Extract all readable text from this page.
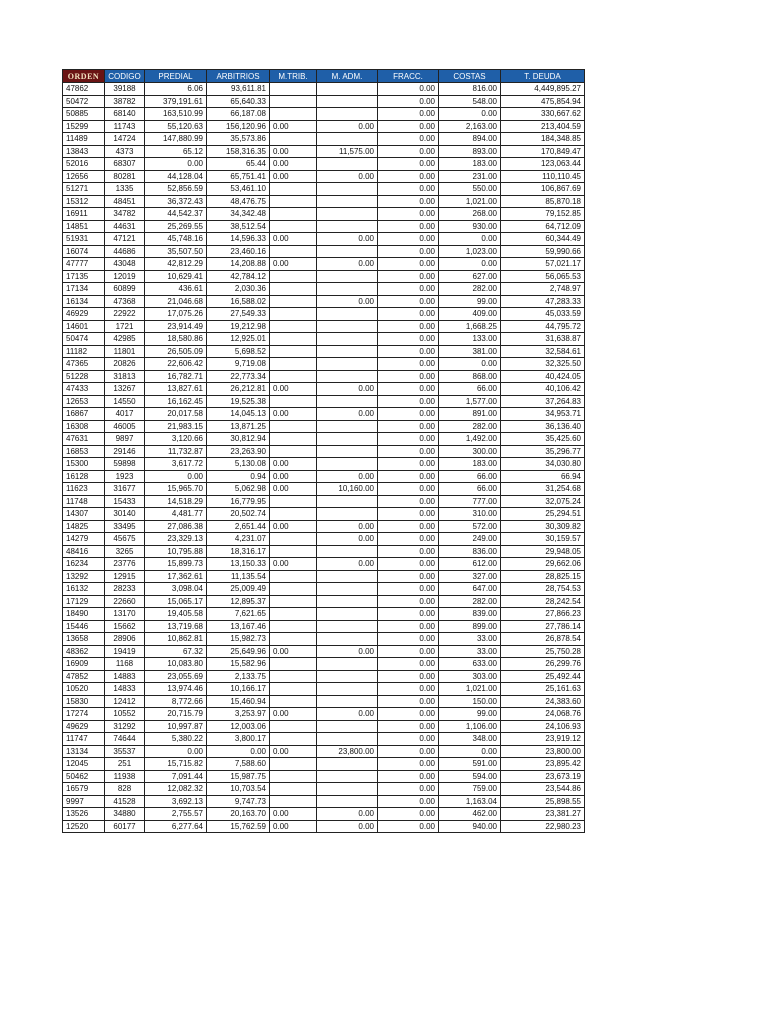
ORDEN	CODIGO	PREDIAL	ARBITRIOS	M.TRIB.	M. ADM.	FRACC.	COSTAS	T. DEUDA
47862	39188	6.06	93,611.81			0.00	816.00	4,449,895.27
50472	38782	379,191.61	65,640.33			0.00	548.00	475,854.94
50885	68140	163,510.99	66,187.08			0.00	0.00	330,667.62
15299	11743	55,120.63	156,120.96	0.00	0.00	0.00	2,163.00	213,404.59
11489	14724	147,880.99	35,573.86			0.00	894.00	184,348.85
13843	4373	65.12	158,316.35	0.00	11,575.00	0.00	893.00	170,849.47
52016	68307	0.00	65.44	0.00		0.00	183.00	123,063.44
12656	80281	44,128.04	65,751.41	0.00	0.00	0.00	231.00	110,110.45
51271	1335	52,856.59	53,461.10			0.00	550.00	106,867.69
15312	48451	36,372.43	48,476.75			0.00	1,021.00	85,870.18
16911	34782	44,542.37	34,342.48			0.00	268.00	79,152.85
14851	44631	25,269.55	38,512.54			0.00	930.00	64,712.09
51931	47121	45,748.16	14,596.33	0.00	0.00	0.00	0.00	60,344.49
16074	44686	35,507.50	23,460.16			0.00	1,023.00	59,990.66
47777	43048	42,812.29	14,208.88	0.00	0.00	0.00	0.00	57,021.17
17135	12019	10,629.41	42,784.12			0.00	627.00	56,065.53
17134	60899	436.61	2,030.36			0.00	282.00	2,748.97
16134	47368	21,046.68	16,588.02		0.00	0.00	99.00	47,283.33
46929	22922	17,075.26	27,549.33			0.00	409.00	45,033.59
14601	1721	23,914.49	19,212.98			0.00	1,668.25	44,795.72
50474	42985	18,580.86	12,925.01			0.00	133.00	31,638.87
11182	11801	26,505.09	5,698.52			0.00	381.00	32,584.61
47365	20826	22,606.42	9,719.08			0.00	0.00	32,325.50
51228	31813	16,782.71	22,773.34			0.00	868.00	40,424.05
47433	13267	13,827.61	26,212.81	0.00	0.00	0.00	66.00	40,106.42
12653	14550	16,162.45	19,525.38			0.00	1,577.00	37,264.83
16867	4017	20,017.58	14,045.13	0.00	0.00	0.00	891.00	34,953.71
16308	46005	21,983.15	13,871.25			0.00	282.00	36,136.40
47631	9897	3,120.66	30,812.94			0.00	1,492.00	35,425.60
16853	29146	11,732.87	23,263.90			0.00	300.00	35,296.77
15300	59898	3,617.72	5,130.08	0.00		0.00	183.00	34,030.80
16128	1923	0.00	0.94	0.00	0.00	0.00	66.00	66.94
11623	31677	15,965.70	5,062.98	0.00	10,160.00	0.00	66.00	31,254.68
11748	15433	14,518.29	16,779.95			0.00	777.00	32,075.24
14307	30140	4,481.77	20,502.74			0.00	310.00	25,294.51
14825	33495	27,086.38	2,651.44	0.00	0.00	0.00	572.00	30,309.82
14279	45675	23,329.13	4,231.07		0.00	0.00	249.00	30,159.57
48416	3265	10,795.88	18,316.17			0.00	836.00	29,948.05
16234	23776	15,899.73	13,150.33	0.00	0.00	0.00	612.00	29,662.06
13292	12915	17,362.61	11,135.54			0.00	327.00	28,825.15
16132	28233	3,098.04	25,009.49			0.00	647.00	28,754.53
17129	22660	15,065.17	12,895.37			0.00	282.00	28,242.54
18490	13170	19,405.58	7,621.65			0.00	839.00	27,866.23
15446	15662	13,719.68	13,167.46			0.00	899.00	27,786.14
13658	28906	10,862.81	15,982.73			0.00	33.00	26,878.54
48362	19419	67.32	25,649.96	0.00	0.00	0.00	33.00	25,750.28
16909	1168	10,083.80	15,582.96			0.00	633.00	26,299.76
47852	14883	23,055.69	2,133.75			0.00	303.00	25,492.44
10520	14833	13,974.46	10,166.17			0.00	1,021.00	25,161.63
15830	12412	8,772.66	15,460.94			0.00	150.00	24,383.60
17274	10552	20,715.79	3,253.97	0.00	0.00	0.00	99.00	24,068.76
49629	31292	10,997.87	12,003.06			0.00	1,106.00	24,106.93
11747	74644	5,380.22	3,800.17			0.00	348.00	23,919.12
13134	35537	0.00	0.00	0.00	23,800.00	0.00	0.00	23,800.00
12045	251	15,715.82	7,588.60			0.00	591.00	23,895.42
50462	11938	7,091.44	15,987.75			0.00	594.00	23,673.19
16579	828	12,082.32	10,703.54			0.00	759.00	23,544.86
9997	41528	3,692.13	9,747.73			0.00	1,163.04	25,898.55
13526	34880	2,755.57	20,163.70	0.00	0.00	0.00	462.00	23,381.27
12520	60177	6,277.64	15,762.59	0.00	0.00	0.00	940.00	22,980.23
